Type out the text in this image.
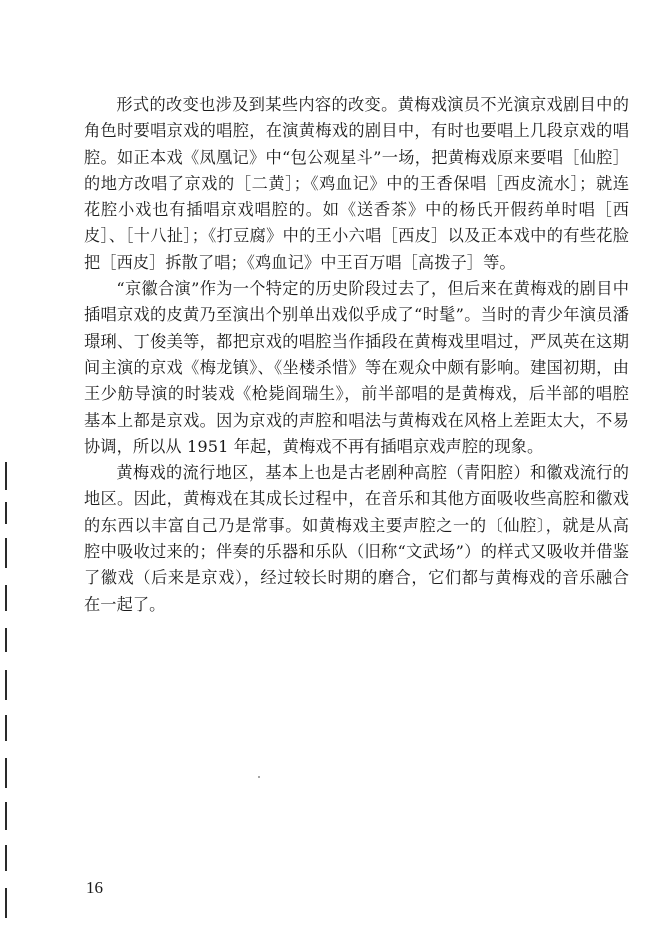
形式的改变也涉及到某些内容的改变。黄梅戏演员不光演京戏剧目中的角色时要唱京戏的唱腔，在演黄梅戏的剧目中，有时也要唱上几段京戏的唱腔。如正本戏《凤凰记》中“包公观星斗”一场，把黄梅戏原来要唱［仙腔］的地方改唱了京戏的［二黄］；《鸡血记》中的王香保唱［西皮流水］；就连花腔小戏也有插唱京戏唱腔的。如《送香茶》中的杨氏开假药单时唱［西皮］、［十八扯］；《打豆腐》中的王小六唱［西皮］以及正本戏中的有些花脸把［西皮］拆散了唱；《鸡血记》中王百万唱［高拨子］等。

“京徽合演”作为一个特定的历史阶段过去了，但后来在黄梅戏的剧目中插唱京戏的皮黄乃至演出个别单出戏似乎成了“时髦”。当时的青少年演员潘璟琍、丁俊美等，都把京戏的唱腔当作插段在黄梅戏里唱过，严凤英在这期间主演的京戏《梅龙镇》、《坐楼杀惜》等在观众中颇有影响。建国初期，由王少舫导演的时装戏《枪毙阎瑞生》，前半部唱的是黄梅戏，后半部的唱腔基本上都是京戏。因为京戏的声腔和唱法与黄梅戏在风格上差距太大，不易协调，所以从 1951 年起，黄梅戏不再有插唱京戏声腔的现象。

黄梅戏的流行地区，基本上也是古老剧种高腔（青阳腔）和徽戏流行的地区。因此，黄梅戏在其成长过程中，在音乐和其他方面吸收些高腔和徽戏的东西以丰富自己乃是常事。如黄梅戏主要声腔之一的〔仙腔〕，就是从高腔中吸收过来的；伴奏的乐器和乐队（旧称“文武场”）的样式又吸收并借鉴了徽戏（后来是京戏），经过较长时期的磨合，它们都与黄梅戏的音乐融合在一起了。

16
